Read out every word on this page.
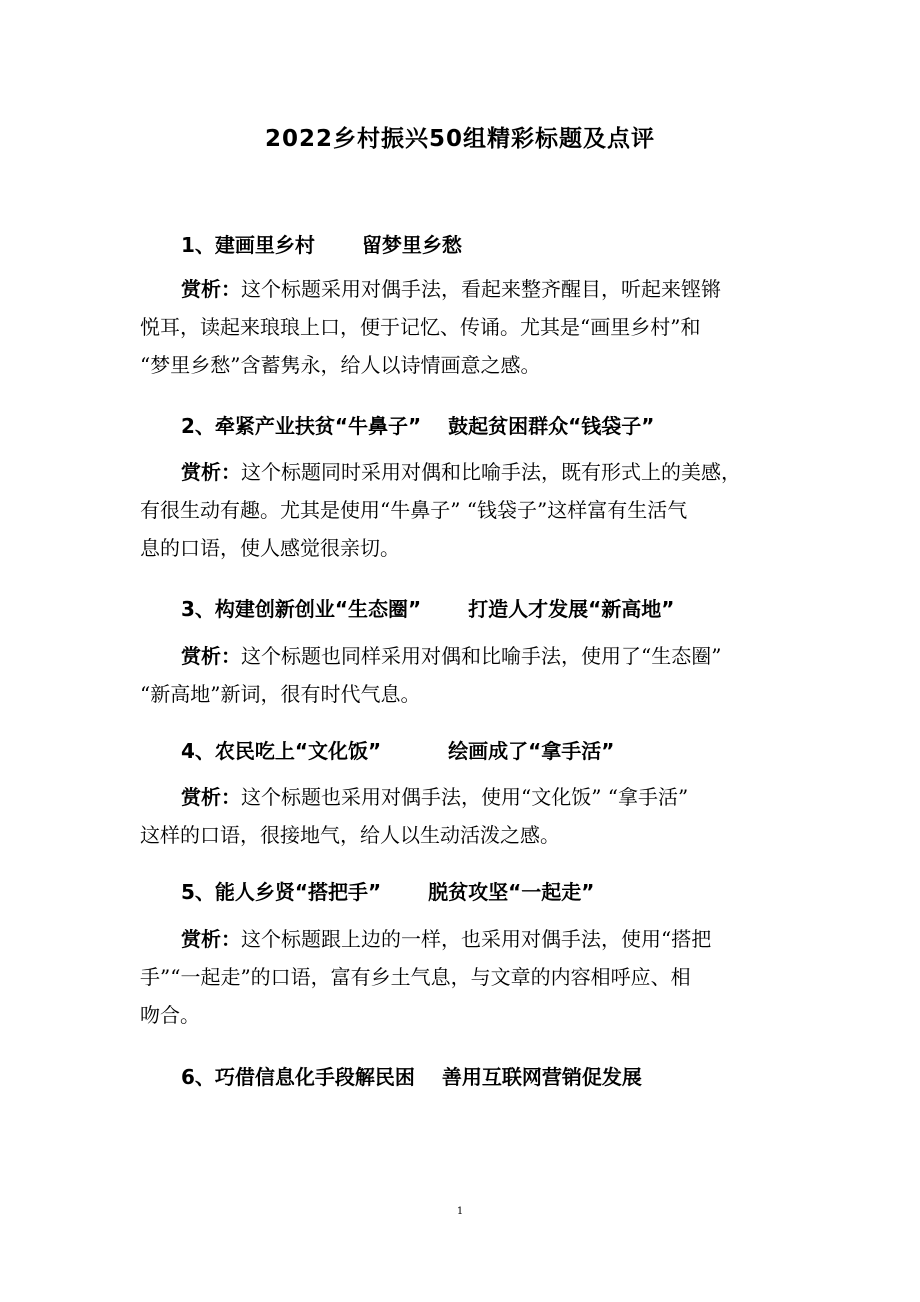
2022乡村振兴50组精彩标题及点评
1、建画里乡村　　 留梦里乡愁
赏析：这个标题采用对偶手法，看起来整齐醒目，听起来铿锵
悦耳，读起来琅琅上口，便于记忆、传诵。尤其是“画里乡村”和
“梦里乡愁”含蓄隽永，给人以诗情画意之感。
2、牵紧产业扶贫“牛鼻子”　 鼓起贫困群众“钱袋子”
赏析：这个标题同时采用对偶和比喻手法，既有形式上的美感，
有很生动有趣。尤其是使用“牛鼻子” “钱袋子”这样富有生活气
息的口语，使人感觉很亲切。
3、构建创新创业“生态圈”　　 打造人才发展“新高地”
赏析：这个标题也同样采用对偶和比喻手法，使用了“生态圈”
“新高地”新词，很有时代气息。
4、农民吃上“文化饭”　　　 绘画成了“拿手活”
赏析：这个标题也采用对偶手法，使用“文化饭” “拿手活”
这样的口语，很接地气，给人以生动活泼之感。
5、能人乡贤“搭把手”　　 脱贫攻坚“一起走”
赏析：这个标题跟上边的一样，也采用对偶手法，使用“搭把
手”“一起走”的口语，富有乡土气息，与文章的内容相呼应、相
吻合。
6、巧借信息化手段解民困　 善用互联网营销促发展
1
